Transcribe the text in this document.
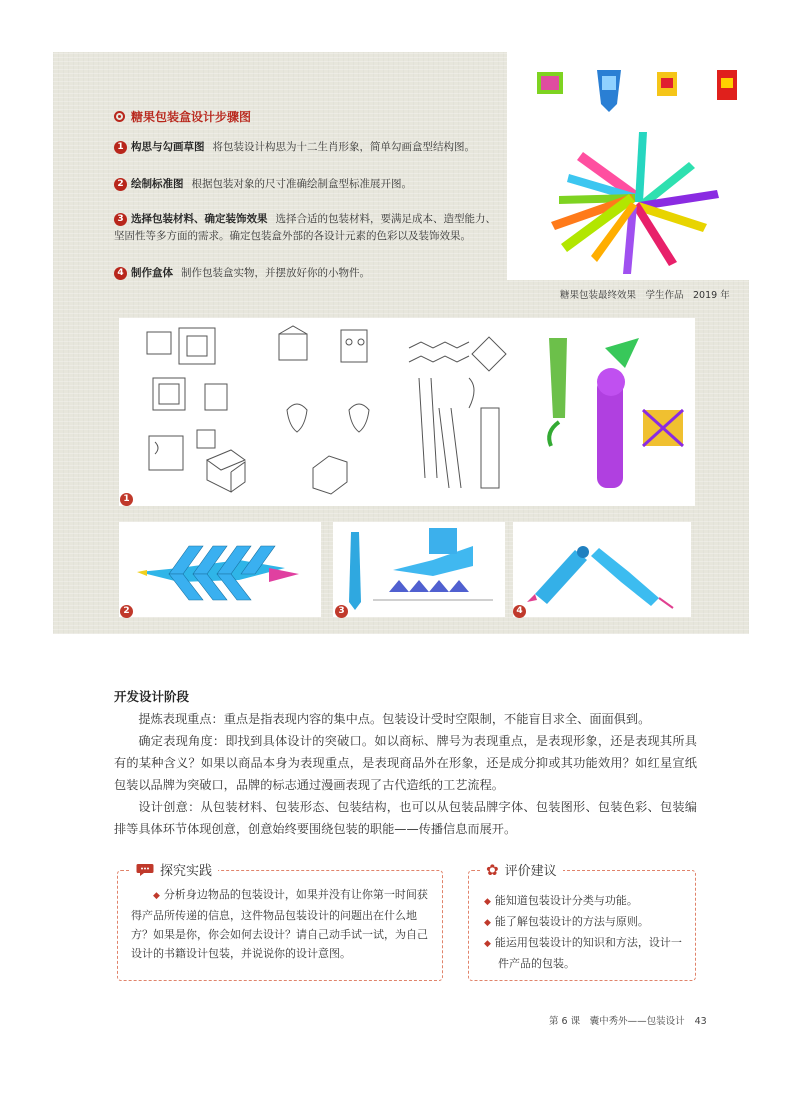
糖果包装盒设计步骤图
1 构思与勾画草图 将包装设计构思为十二生肖形象，简单勾画盒型结构图。
2 绘制标准图 根据包装对象的尺寸准确绘制盒型标准展开图。
3 选择包装材料、确定装饰效果 选择合适的包装材料，要满足成本、造型能力、坚固性等多方面的需求。确定包装盒外部的各设计元素的色彩以及装饰效果。
4 制作盒体 制作包装盒实物，并摆放好你的小物件。
糖果包装最终效果　学生作品　2019 年
1
2	3	4
开发设计阶段
提炼表现重点：重点是指表现内容的集中点。包装设计受时空限制，不能盲目求全、面面俱到。
确定表现角度：即找到具体设计的突破口。如以商标、牌号为表现重点，是表现形象，还是表现其所具有的某种含义？如果以商品本身为表现重点，是表现商品外在形象，还是成分抑或其功能效用？如红星宣纸包装以品牌为突破口，品牌的标志通过漫画表现了古代造纸的工艺流程。
设计创意：从包装材料、包装形态、包装结构，也可以从包装品牌字体、包装图形、包装色彩、包装编排等具体环节体现创意，创意始终要围绕包装的职能——传播信息而展开。
探究实践
◆ 分析身边物品的包装设计，如果并没有让你第一时间获得产品所传递的信息，这件物品包装设计的问题出在什么地方？如果是你，你会如何去设计？请自己动手试一试，为自己设计的书籍设计包装，并说说你的设计意图。
✿ 评价建议
◆ 能知道包装设计分类与功能。
◆ 能了解包装设计的方法与原则。
◆ 能运用包装设计的知识和方法，设计一件产品的包装。
第 6 课　囊中秀外——包装设计 43
